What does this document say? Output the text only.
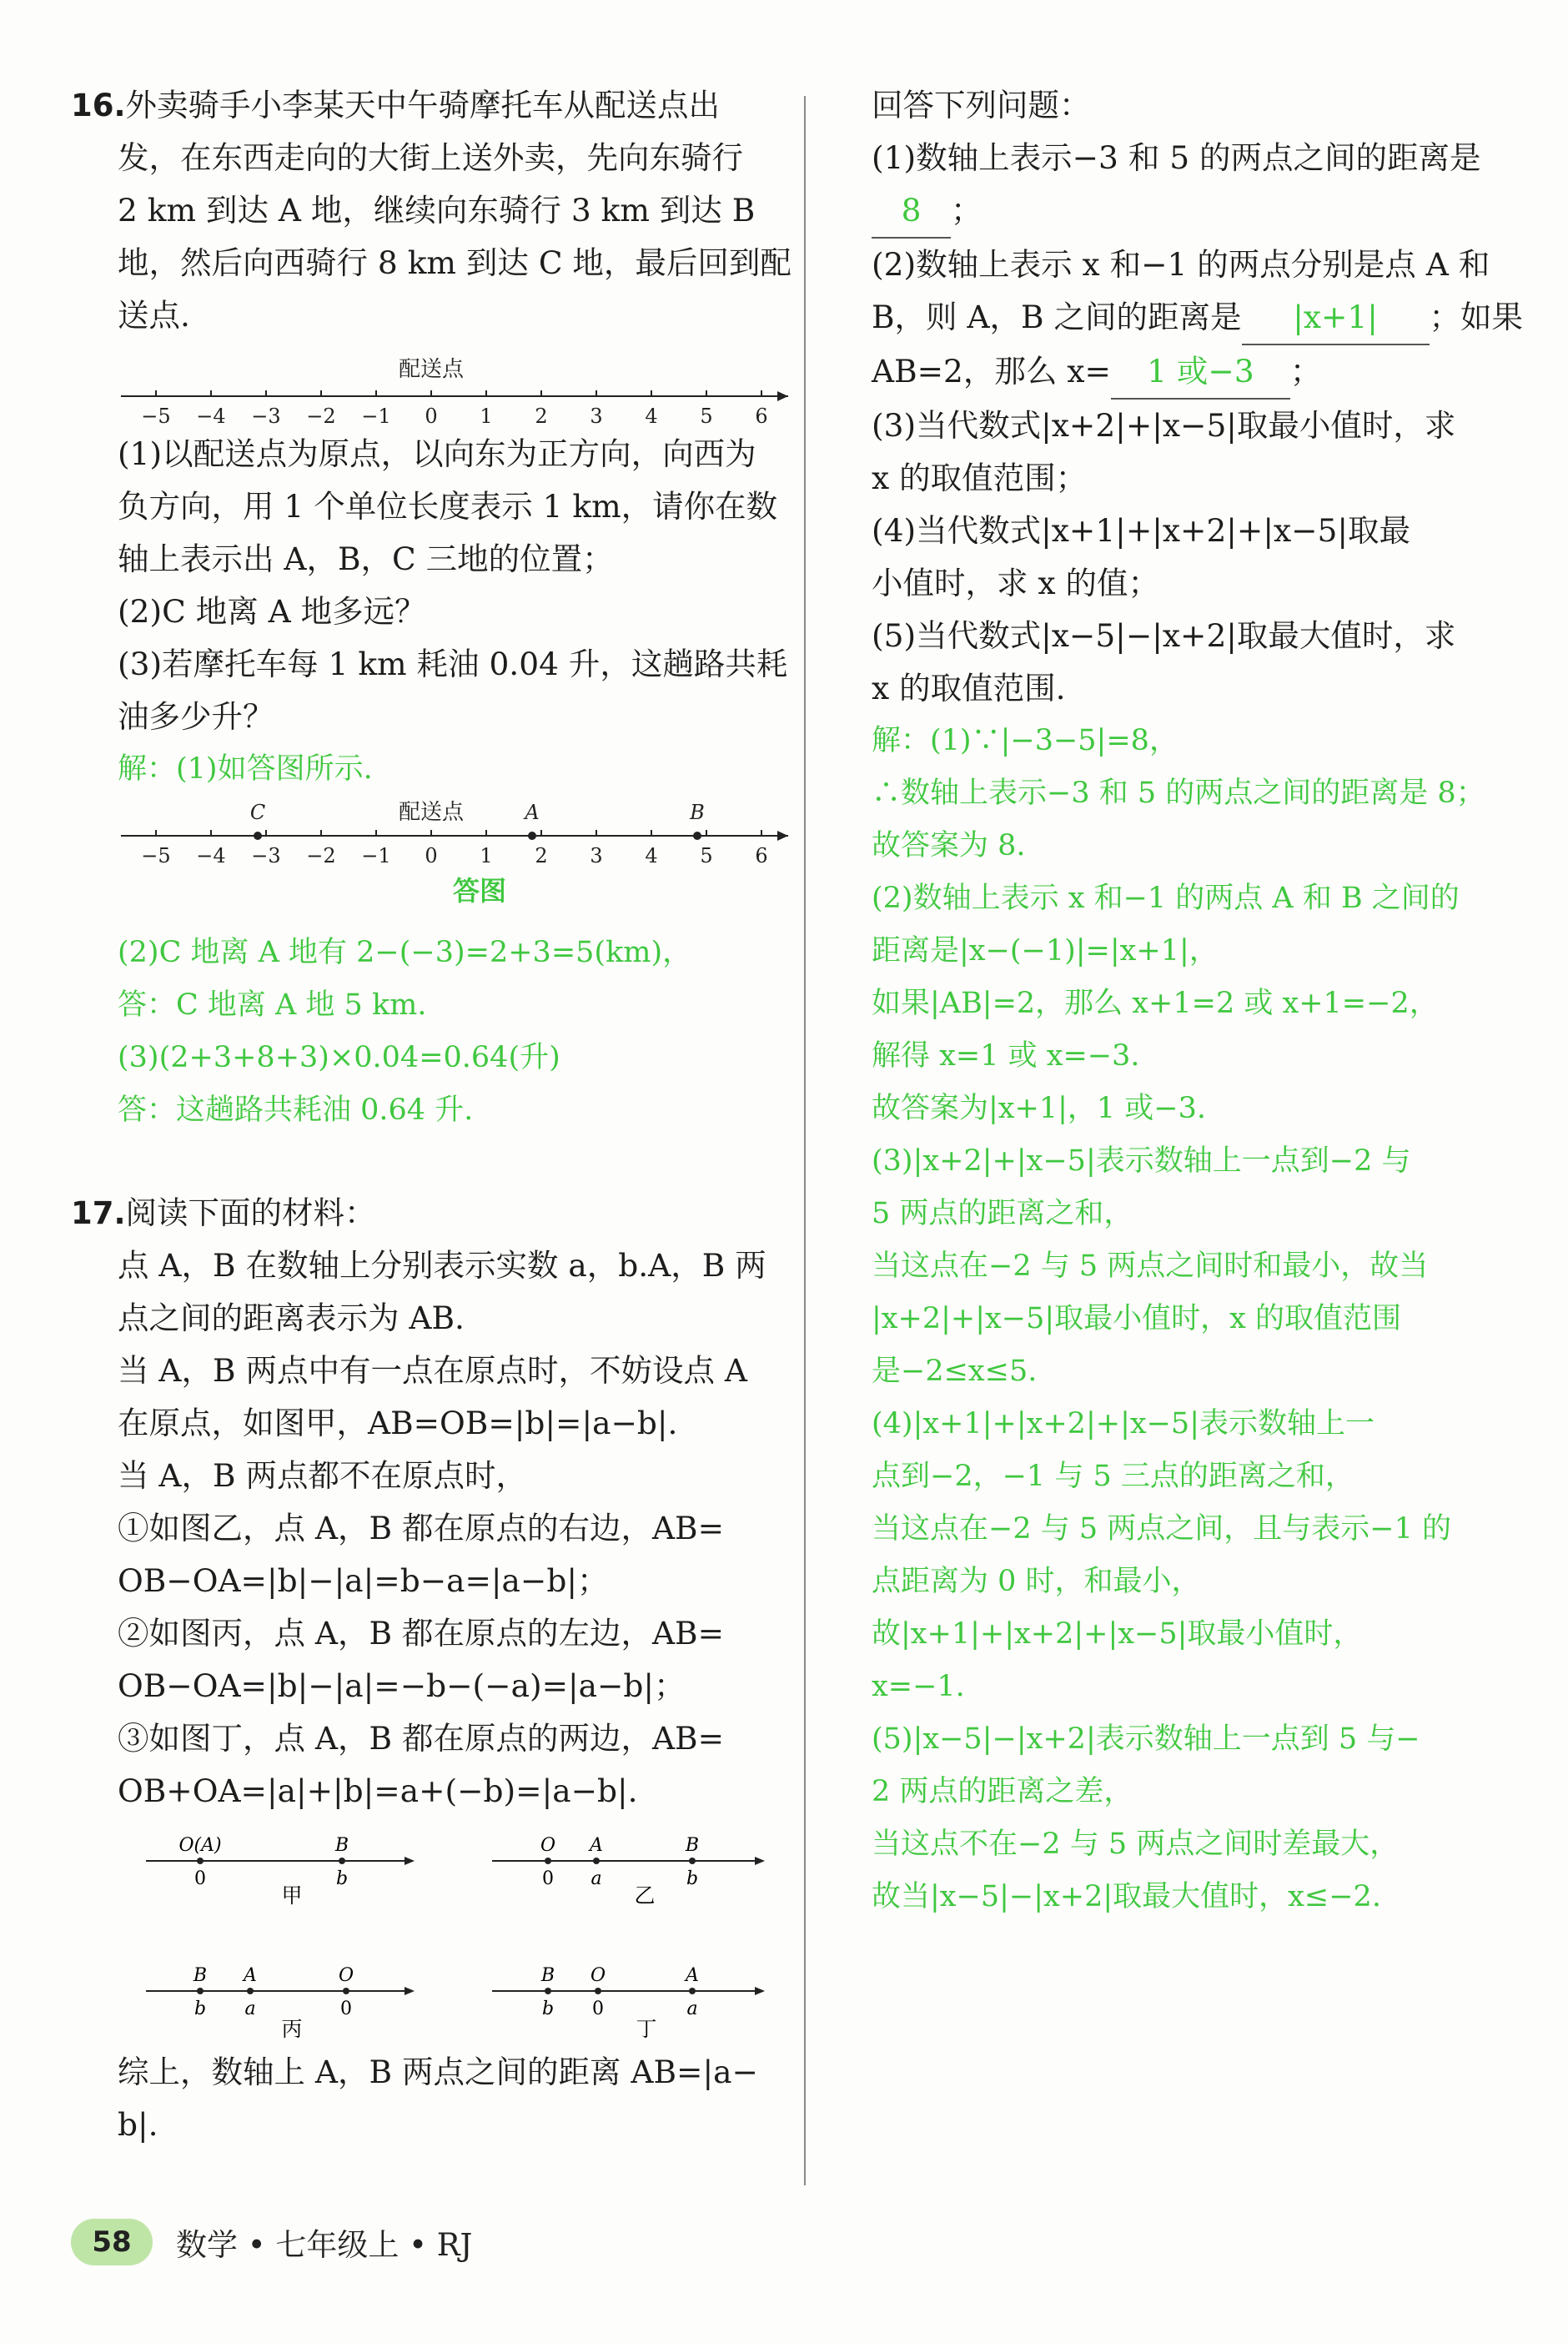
16.外卖骑手小李某天中午骑摩托车从配送点出
发，在东西走向的大街上送外卖，先向东骑行
2 km 到达 A 地，继续向东骑行 3 km 到达 B
地，然后向西骑行 8 km 到达 C 地，最后回到配
送点.
配送点
−5 −4 −3 −2 −1 0 1 2 3 4 5 6
(1)以配送点为原点，以向东为正方向，向西为
负方向，用 1 个单位长度表示 1 km，请你在数
轴上表示出 A，B，C 三地的位置；
(2)C 地离 A 地多远？
(3)若摩托车每 1 km 耗油 0.04 升，这趟路共耗
油多少升？
解：(1)如答图所示.
配送点
C	A	B
−5 −4 −3 −2 −1 0 1 2 3 4 5 6
答图
(2)C 地离 A 地有 2−(−3)=2+3=5(km)，
答：C 地离 A 地 5 km.
(3)(2+3+8+3)×0.04=0.64(升)
答：这趟路共耗油 0.64 升.
17.阅读下面的材料：
点 A，B 在数轴上分别表示实数 a，b.A，B 两
点之间的距离表示为 AB.
当 A，B 两点中有一点在原点时，不妨设点 A
在原点，如图甲，AB=OB=|b|=|a−b|.
当 A，B 两点都不在原点时，
①如图乙，点 A，B 都在原点的右边，AB=
OB−OA=|b|−|a|=b−a=|a−b|；
②如图丙，点 A，B 都在原点的左边，AB=
OB−OA=|b|−|a|=−b−(−a)=|a−b|；
③如图丁，点 A，B 都在原点的两边，AB=
OB+OA=|a|+|b|=a+(−b)=|a−b|.
O(A)	B
0	b
甲
O A	B
0 a	b
乙
B A	O
b a	0
丙
B O	A
b 0	a
丁
综上，数轴上 A，B 两点之间的距离 AB=|a−
b|.
回答下列问题：
(1)数轴上表示−3 和 5 的两点之间的距离是
8 ；
(2)数轴上表示 x 和−1 的两点分别是点 A 和
B，则 A，B 之间的距离是 |x+1| ；如果
AB=2，那么 x= 1 或−3 ；
(3)当代数式|x+2|+|x−5|取最小值时，求
x 的取值范围；
(4)当代数式|x+1|+|x+2|+|x−5|取最
小值时，求 x 的值；
(5)当代数式|x−5|−|x+2|取最大值时，求
x 的取值范围.
解：(1)∵|−3−5|=8，
∴数轴上表示−3 和 5 的两点之间的距离是 8；
故答案为 8.
(2)数轴上表示 x 和−1 的两点 A 和 B 之间的
距离是|x−(−1)|=|x+1|，
如果|AB|=2，那么 x+1=2 或 x+1=−2，
解得 x=1 或 x=−3.
故答案为|x+1|，1 或−3.
(3)|x+2|+|x−5|表示数轴上一点到−2 与
5 两点的距离之和，
当这点在−2 与 5 两点之间时和最小，故当
|x+2|+|x−5|取最小值时，x 的取值范围
是−2≤x≤5.
(4)|x+1|+|x+2|+|x−5|表示数轴上一
点到−2，−1 与 5 三点的距离之和，
当这点在−2 与 5 两点之间，且与表示−1 的
点距离为 0 时，和最小，
故|x+1|+|x+2|+|x−5|取最小值时，
x=−1.
(5)|x−5|−|x+2|表示数轴上一点到 5 与−
2 两点的距离之差，
当这点不在−2 与 5 两点之间时差最大，
故当|x−5|−|x+2|取最大值时，x≤−2.
58	数学 • 七年级上 • RJ
